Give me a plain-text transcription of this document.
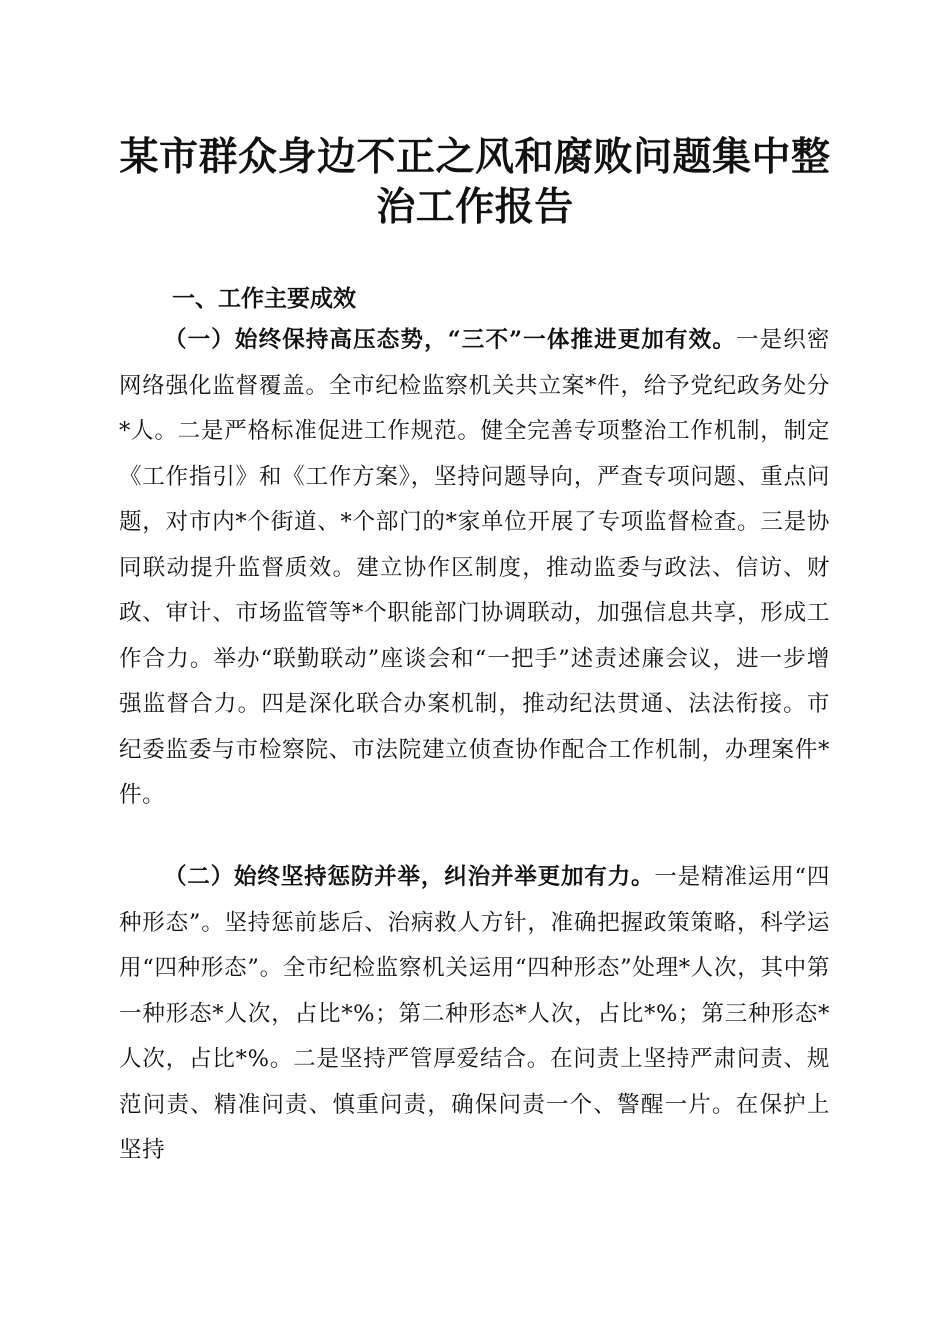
某市群众身边不正之风和腐败问题集中整治工作报告
一、工作主要成效

（一）始终保持高压态势，“三不”一体推进更加有效。一是织密网络强化监督覆盖。全市纪检监察机关共立案*件，给予党纪政务处分*人。二是严格标准促进工作规范。健全完善专项整治工作机制，制定《工作指引》和《工作方案》，坚持问题导向，严查专项问题、重点问题，对市内*个街道、*个部门的*家单位开展了专项监督检查。三是协同联动提升监督质效。建立协作区制度，推动监委与政法、信访、财政、审计、市场监管等*个职能部门协调联动，加强信息共享，形成工作合力。举办“联勤联动”座谈会和“一把手”述责述廉会议，进一步增强监督合力。四是深化联合办案机制，推动纪法贯通、法法衔接。市纪委监委与市检察院、市法院建立侦查协作配合工作机制，办理案件*件。

（二）始终坚持惩防并举，纠治并举更加有力。一是精准运用“四种形态”。坚持惩前毖后、治病救人方针，准确把握政策策略，科学运用“四种形态”。全市纪检监察机关运用“四种形态”处理*人次，其中第一种形态*人次，占比*%；第二种形态*人次，占比*%；第三种形态*人次，占比*%。二是坚持严管厚爱结合。在问责上坚持严肃问责、规范问责、精准问责、慎重问责，确保问责一个、警醒一片。在保护上坚持
